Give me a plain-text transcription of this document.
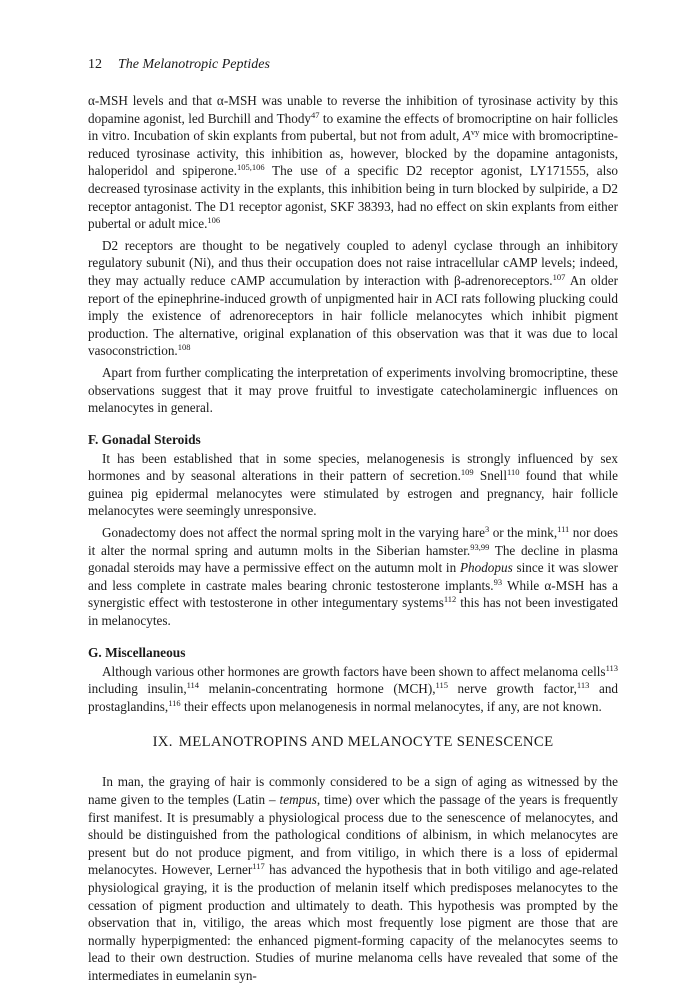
12 The Melanotropic Peptides

α-MSH levels and that α-MSH was unable to reverse the inhibition of tyrosinase activity by this dopamine agonist, led Burchill and Thody$^{47}$ to examine the effects of bromocriptine on hair follicles in vitro. Incubation of skin explants from pubertal, but not from adult, $A^{vy}$ mice with bromocriptine-reduced tyrosinase activity, this inhibition as, however, blocked by the dopamine antagonists, haloperidol and spiperone.$^{105,106}$ The use of a specific D2 receptor agonist, LY171555, also decreased tyrosinase activity in the explants, this inhibition being in turn blocked by sulpiride, a D2 receptor antagonist. The D1 receptor agonist, SKF 38393, had no effect on skin explants from either pubertal or adult mice.$^{106}$

D2 receptors are thought to be negatively coupled to adenyl cyclase through an inhibitory regulatory subunit (Ni), and thus their occupation does not raise intracellular cAMP levels; indeed, they may actually reduce cAMP accumulation by interaction with β-adrenoreceptors.$^{107}$ An older report of the epinephrine-induced growth of unpigmented hair in ACI rats following plucking could imply the existence of adrenoreceptors in hair follicle melanocytes which inhibit pigment production. The alternative, original explanation of this observation was that it was due to local vasoconstriction.$^{108}$

Apart from further complicating the interpretation of experiments involving bromocriptine, these observations suggest that it may prove fruitful to investigate catecholaminergic influences on melanocytes in general.

F. Gonadal Steroids

It has been established that in some species, melanogenesis is strongly influenced by sex hormones and by seasonal alterations in their pattern of secretion.$^{109}$ Snell$^{110}$ found that while guinea pig epidermal melanocytes were stimulated by estrogen and pregnancy, hair follicle melanocytes were seemingly unresponsive.

Gonadectomy does not affect the normal spring molt in the varying hare$^3$ or the mink,$^{111}$ nor does it alter the normal spring and autumn molts in the Siberian hamster.$^{93,99}$ The decline in plasma gonadal steroids may have a permissive effect on the autumn molt in Phodopus since it was slower and less complete in castrate males bearing chronic testosterone implants.$^{93}$ While α-MSH has a synergistic effect with testosterone in other integumentary systems$^{112}$ this has not been investigated in melanocytes.

G. Miscellaneous

Although various other hormones are growth factors have been shown to affect melanoma cells$^{113}$ including insulin,$^{114}$ melanin-concentrating hormone (MCH),$^{115}$ nerve growth factor,$^{113}$ and prostaglandins,$^{116}$ their effects upon melanogenesis in normal melanocytes, if any, are not known.

IX. MELANOTROPINS AND MELANOCYTE SENESCENCE

In man, the graying of hair is commonly considered to be a sign of aging as witnessed by the name given to the temples (Latin – tempus, time) over which the passage of the years is frequently first manifest. It is presumably a physiological process due to the senescence of melanocytes, and should be distinguished from the pathological conditions of albinism, in which melanocytes are present but do not produce pigment, and from vitiligo, in which there is a loss of epidermal melanocytes. However, Lerner$^{117}$ has advanced the hypothesis that in both vitiligo and age-related physiological graying, it is the production of melanin itself which predisposes melanocytes to the cessation of pigment production and ultimately to death. This hypothesis was prompted by the observation that in, vitiligo, the areas which most frequently lose pigment are those that are normally hyperpigmented: the enhanced pigment-forming capacity of the melanocytes seems to lead to their own destruction. Studies of murine melanoma cells have revealed that some of the intermediates in eumelanin syn-
